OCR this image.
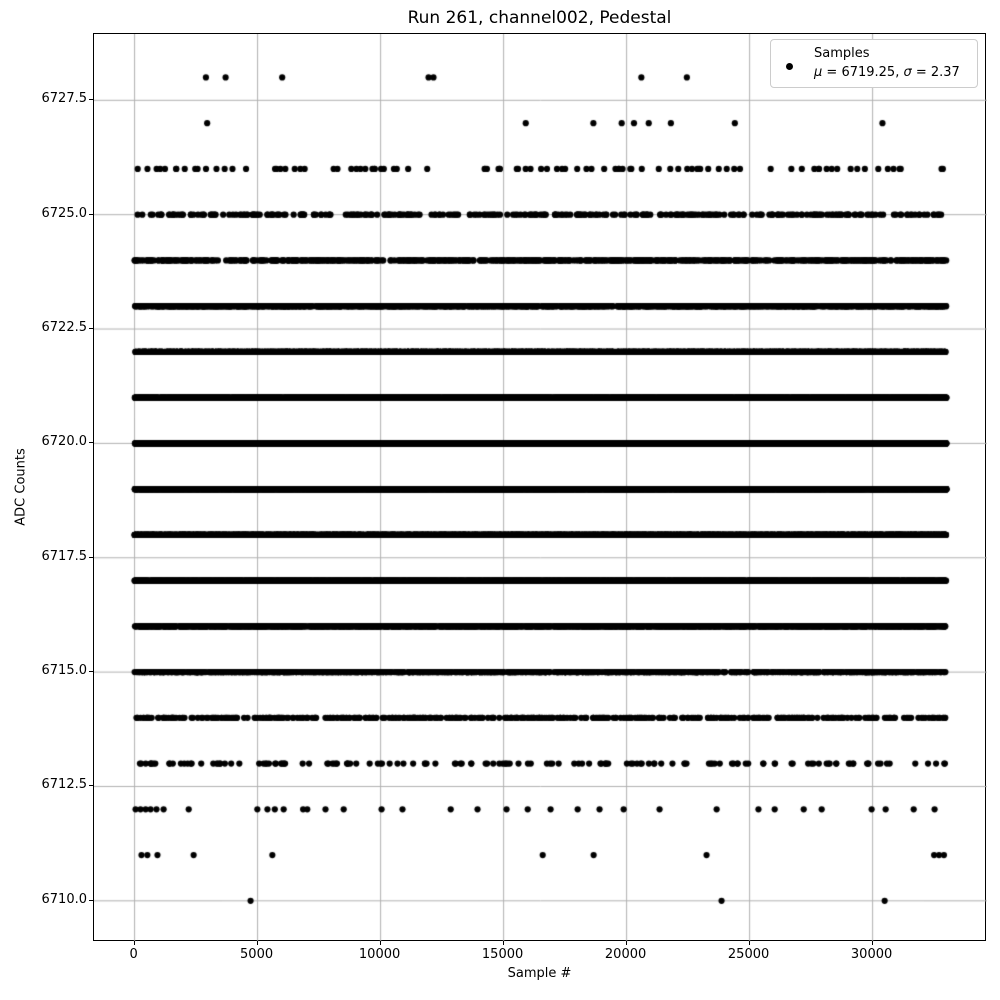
Run 261, channel002, Pedestal
Samples
μ = 6719.25, σ = 2.37
Sample #
ADC Counts
0	5000	10000	15000	20000	25000	30000
6710.0
6712.5
6715.0
6717.5
6720.0
6722.5
6725.0
6727.5
